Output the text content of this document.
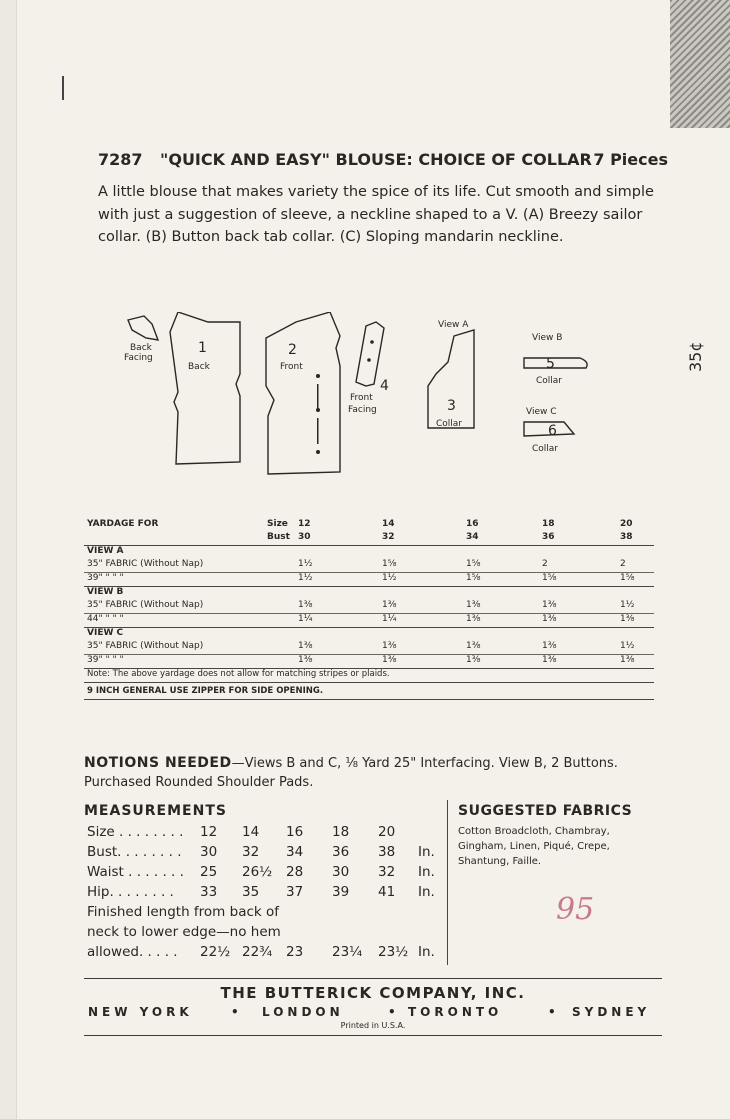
7287 "QUICK AND EASY" BLOUSE: CHOICE OF COLLAR 7 Pieces
A little blouse that makes variety the spice of its life. Cut smooth and simple with just a suggestion of sleeve, a neckline shaped to a V. (A) Breezy sailor collar. (B) Button back tab collar. (C) Sloping mandarin neckline.
35¢
Back
Facing
1
Back
2
Front
4
Front
Facing
View A
3
Collar
View B
5
Collar
View C
6
Collar
YARDAGE FOR	Size 12	14	16	18	20
Bust 30	32	34	36	38
VIEW A
35" FABRIC (Without Nap)	1½	1⅝	1⅝	2	2
39" " " "	1½	1½	1⅝	1⅝	1⅝
VIEW B
35" FABRIC (Without Nap)	1⅜	1⅜	1⅜	1⅜	1½
44" " " "	1¼	1¼	1⅜	1⅜	1⅜
VIEW C
35" FABRIC (Without Nap)	1⅜	1⅜	1⅜	1⅜	1½
39" " " "	1⅜	1⅜	1⅜	1⅜	1⅜
Note: The above yardage does not allow for matching stripes or plaids.
9 INCH GENERAL USE ZIPPER FOR SIDE OPENING.
NOTIONS NEEDED—Views B and C, ⅛ Yard 25" Interfacing. View B, 2 Buttons. Purchased Rounded Shoulder Pads.
MEASUREMENTS
Size . . . . . . . . 12 14 16 18 20
Bust. . . . . . . . 30 32 34 36 38 In.
Waist . . . . . . . 25 26½ 28 30 32 In.
Hip. . . . . . . . 33 35 37 39 41 In.
Finished length from back of
neck to lower edge—no hem
allowed. . . . . 22½ 22¾ 23 23¼ 23½ In.
SUGGESTED FABRICS
Cotton Broadcloth, Chambray, Gingham, Linen, Piqué, Crepe, Shantung, Faille.
95
THE BUTTERICK COMPANY, INC.
NEW YORK	• LONDON	• TORONTO	• SYDNEY
Printed in U.S.A.
